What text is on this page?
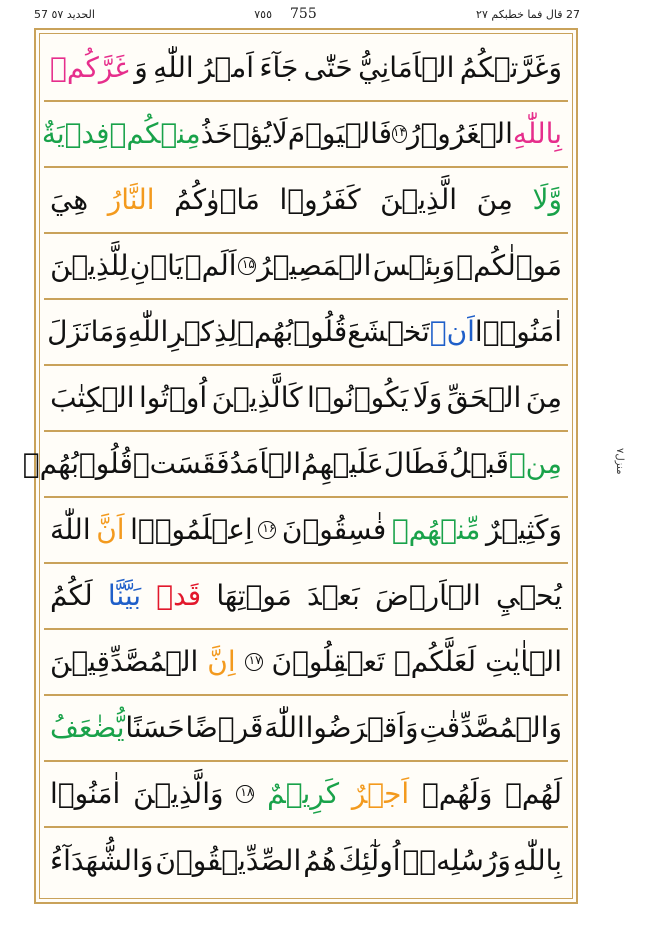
57 الحديد ٥٧	٧٥٥ 755	27 قال فما خطبكم ٢٧
وَغَرَّتۡكُمُ
الۡاَمَانِيُّ
حَتّٰى
جَآءَ
اَمۡرُ
اللّٰهِ
وَ
غَرَّكُمۡ
بِاللّٰهِ
الۡغَرُوۡرُ
۱۴
فَالۡيَوۡمَ
لَا
يُؤۡخَذُ
مِنۡكُمۡ
فِدۡيَةٌ
وَّلَا
مِنَ
الَّذِيۡنَ
كَفَرُوۡا
مَاۡوٰكُمُ
النَّارُ
هِيَ
مَوۡلٰكُمۡ
وَبِئۡسَ
الۡمَصِيۡرُ
۱۵
اَلَمۡ
يَاۡنِ
لِلَّذِيۡنَ
اٰمَنُوۡۤا
اَنۡ
تَخۡشَعَ
قُلُوۡبُهُمۡ
لِذِكۡرِ
اللّٰهِ
وَمَا
نَزَلَ
مِنَ
الۡحَقِّ
وَلَا
يَكُوۡنُوۡا
كَالَّذِيۡنَ
اُوۡتُوا
الۡكِتٰبَ
مِنۡ
قَبۡلُ
فَطَالَ
عَلَيۡهِمُ
الۡاَمَدُ
فَقَسَتۡ
قُلُوۡبُهُمۡ
وَكَثِيۡرٌ
مِّنۡهُمۡ
فٰسِقُوۡنَ
۱۶
اِعۡلَمُوۡۤا
اَنَّ
اللّٰهَ
يُحۡيِ
الۡاَرۡضَ
بَعۡدَ
مَوۡتِهَا
قَدۡ
بَيَّنَّا
لَكُمُ
الۡاٰيٰتِ
لَعَلَّكُمۡ
تَعۡقِلُوۡنَ
۱۷
اِنَّ
الۡمُصَّدِّقِيۡنَ
وَالۡمُصَّدِّقٰتِ
وَاَقۡرَضُوا
اللّٰهَ
قَرۡضًا
حَسَنًا
يُّضٰعَفُ
لَهُمۡ
وَلَهُمۡ
اَجۡرٌ
كَرِيۡمٌ
۱۸
وَالَّذِيۡنَ
اٰمَنُوۡا
بِاللّٰهِ
وَرُسُلِهٖۤ
اُولٰٓئِكَ
هُمُ
الصِّدِّيۡقُوۡنَ
وَالشُّهَدَآءُ
منزل٧
